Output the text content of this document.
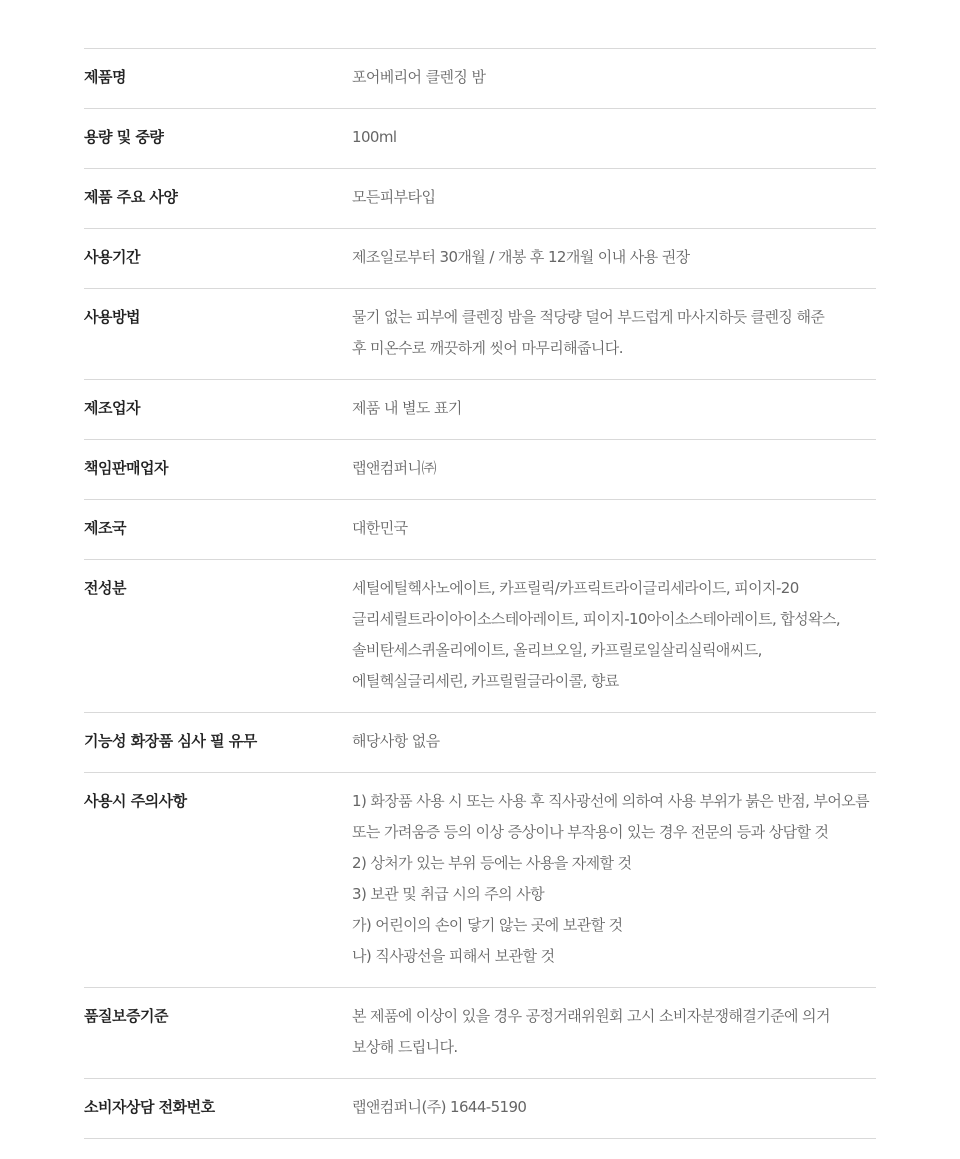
제품명	포어베리어 클렌징 밤
용량 및 중량	100ml
제품 주요 사양	모든피부타입
사용기간	제조일로부터 30개월 / 개봉 후 12개월 이내 사용 권장
사용방법	물기 없는 피부에 클렌징 밤을 적당량 덜어 부드럽게 마사지하듯 클렌징 해준
후 미온수로 깨끗하게 씻어 마무리해줍니다.
제조업자	제품 내 별도 표기
책임판매업자	랩앤컴퍼니㈜
제조국	대한민국
전성분	세틸에틸헥사노에이트, 카프릴릭/카프릭트라이글리세라이드, 피이지-20
글리세릴트라이아이소스테아레이트, 피이지-10아이소스테아레이트, 합성왁스,
솔비탄세스퀴올리에이트, 올리브오일, 카프릴로일살리실릭애씨드,
에틸헥실글리세린, 카프릴릴글라이콜, 향료
기능성 화장품 심사 필 유무	해당사항 없음
사용시 주의사항	1) 화장품 사용 시 또는 사용 후 직사광선에 의하여 사용 부위가 붉은 반점, 부어오름
또는 가려움증 등의 이상 증상이나 부작용이 있는 경우 전문의 등과 상담할 것
2) 상처가 있는 부위 등에는 사용을 자제할 것
3) 보관 및 취급 시의 주의 사항
가) 어린이의 손이 닿기 않는 곳에 보관할 것
나) 직사광선을 피해서 보관할 것
품질보증기준	본 제품에 이상이 있을 경우 공정거래위원회 고시 소비자분쟁해결기준에 의거
보상해 드립니다.
소비자상담 전화번호	랩앤컴퍼니(주) 1644-5190
